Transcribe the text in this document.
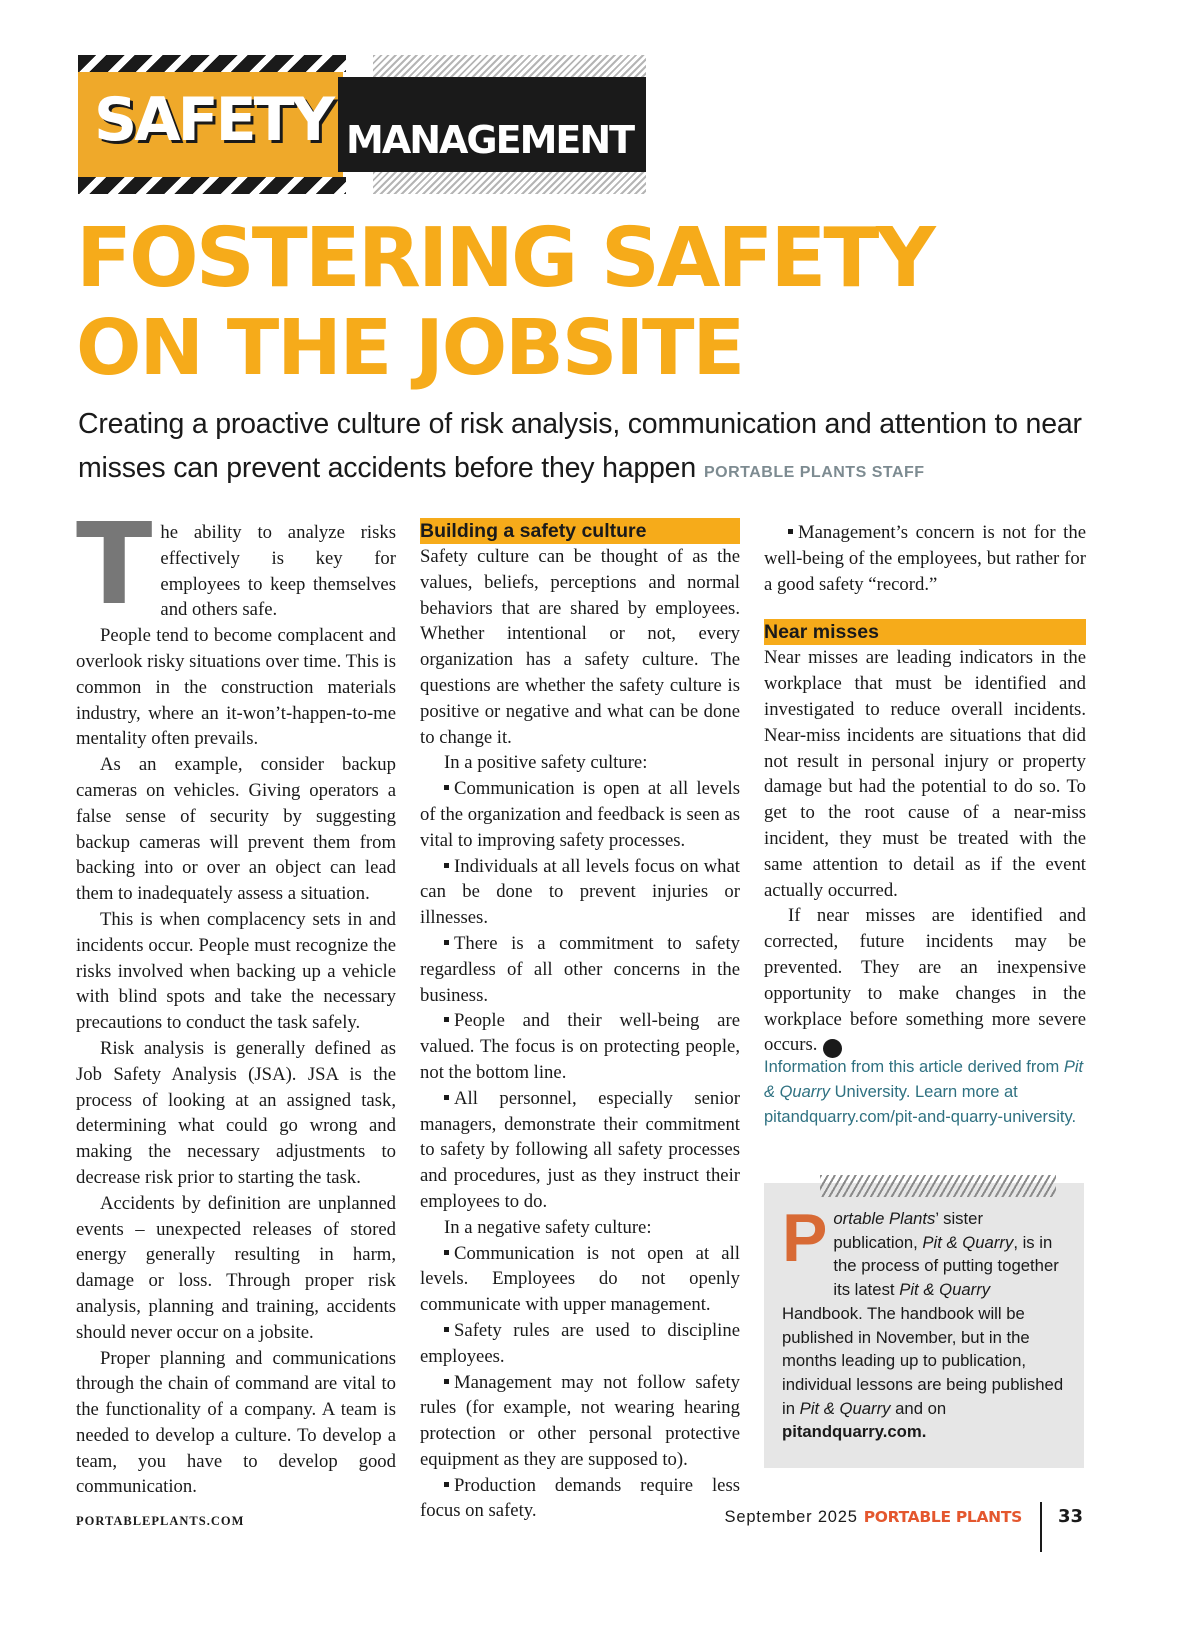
SAFETY MANAGEMENT
FOSTERING SAFETY
ON THE JOBSITE
Creating a proactive culture of risk analysis, communication and attention to near misses can prevent accidents before they happen PORTABLE PLANTS STAFF

The ability to analyze risks effectively is key for employees to keep themselves and others safe.

People tend to become complacent and overlook risky situations over time. This is common in the construction materials industry, where an it-won’t-happen-to-me mentality often prevails.

As an example, consider backup cameras on vehicles. Giving operators a false sense of security by suggesting backup cameras will prevent them from backing into or over an object can lead them to inadequately assess a situation.

This is when complacency sets in and incidents occur. People must recognize the risks involved when backing up a vehicle with blind spots and take the necessary precautions to conduct the task safely.

Risk analysis is generally defined as Job Safety Analysis (JSA). JSA is the process of looking at an assigned task, determining what could go wrong and making the necessary adjustments to decrease risk prior to starting the task.

Accidents by definition are unplanned events – unexpected releases of stored energy generally resulting in harm, damage or loss. Through proper risk analysis, planning and training, accidents should never occur on a jobsite.

Proper planning and communications through the chain of command are vital to the functionality of a company. A team is needed to develop a culture. To develop a team, you have to develop good communication.

Building a safety culture

Safety culture can be thought of as the values, beliefs, perceptions and normal behaviors that are shared by employees. Whether intentional or not, every organization has a safety culture. The questions are whether the safety culture is positive or negative and what can be done to change it.

In a positive safety culture:

Communication is open at all levels of the organization and feedback is seen as vital to improving safety processes.

Individuals at all levels focus on what can be done to prevent injuries or illnesses.

There is a commitment to safety regardless of all other concerns in the business.

People and their well-being are valued. The focus is on protecting people, not the bottom line.

All personnel, especially senior managers, demonstrate their commitment to safety by following all safety processes and procedures, just as they instruct their employees to do.

In a negative safety culture:

Communication is not open at all levels. Employees do not openly communicate with upper management.

Safety rules are used to discipline employees.

Management may not follow safety rules (for example, not wearing hearing protection or other personal protective equipment as they are supposed to).

Production demands require less focus on safety.

Management’s concern is not for the well-being of the employees, but rather for a good safety “record.”

Near misses

Near misses are leading indicators in the workplace that must be identified and investigated to reduce overall incidents. Near-miss incidents are situations that did not result in personal injury or property damage but had the potential to do so. To get to the root cause of a near-miss incident, they must be treated with the same attention to detail as if the event actually occurred.

If near misses are identified and corrected, future incidents may be prevented. They are an inexpensive opportunity to make changes in the workplace before something more severe occurs.	P

Information from this article derived from Pit & Quarry University. Learn more at pitandquarry.com/pit-and-quarry-university.
Portable Plants’ sister publication, Pit & Quarry, is in the process of putting together its latest Pit & Quarry Handbook. The handbook will be published in November, but in the months leading up to publication, individual lessons are being published in Pit & Quarry and on pitandquarry.com.
PORTABLEPLANTS.COM	September 2025 PORTABLE PLANTS 33
